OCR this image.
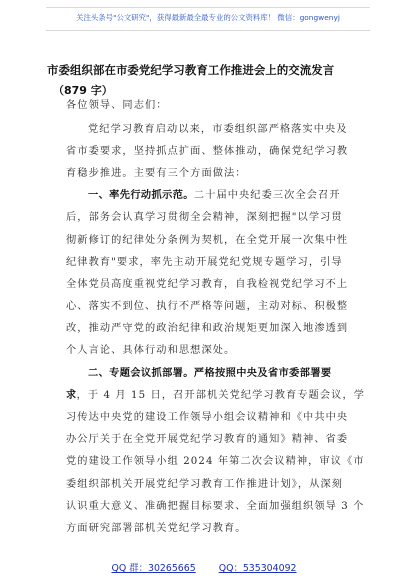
关注头条号"公文研究"，获得最新最全最专业的公文资料库！ 微信：gongwenyj
市委组织部在市委党纪学习教育工作推进会上的交流发言
（879 字）
各位领导、同志们：
党纪学习教育启动以来，市委组织部严格落实中央及
省市委要求，坚持抓点扩面、整体推动，确保党纪学习教
育稳步推进。主要有三个方面做法：
一、率先行动抓示范。二十届中央纪委三次全会召开
后，部务会认真学习贯彻全会精神，深刻把握"以学习贯
彻新修订的纪律处分条例为契机，在全党开展一次集中性
纪律教育"要求，率先主动开展党纪党规专题学习，引导
全体党员高度重视党纪学习教育，自我检视党纪学习不上
心、落实不到位、执行不严格等问题，主动对标、积极整
改，推动严守党的政治纪律和政治规矩更加深入地渗透到
个人言论、具体行动和思想深处。
二、专题会议抓部署。严格按照中央及省市委部署要
求，于 4 月 15 日，召开部机关党纪学习教育专题会议，学
习传达中央党的建设工作领导小组会议精神和《中共中央
办公厅关于在全党开展党纪学习教育的通知》精神、省委
党的建设工作领导小组 2024 年第二次会议精神，审议《市
委组织部机关开展党纪学习教育工作推进计划》，从深刻
认识重大意义、准确把握目标要求、全面加强组织领导 3 个
方面研究部署部机关党纪学习教育。
QQ 群：30265665 QQ：535304092
